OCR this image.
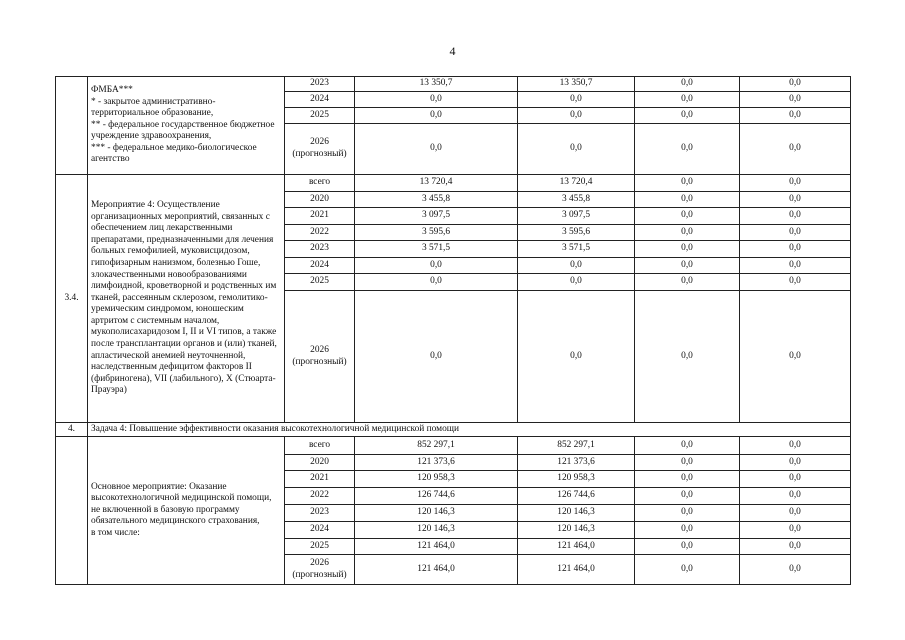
4
	ФМБА***
* - закрытое административно-территориальное образование,
** - федеральное государственное бюджетное учреждение здравоохранения,
*** - федеральное медико-биологическое агентство	2023	13 350,7	13 350,7	0,0	0,0
		2024	0,0	0,0	0,0	0,0
		2025	0,0	0,0	0,0	0,0
		2026
(прогнозный)	0,0	0,0	0,0	0,0
3.4.	Мероприятие 4: Осуществление организационных мероприятий, связанных с обеспечением лиц лекарственными препаратами, предназначенными для лечения больных гемофилией, муковисцидозом, гипофизарным нанизмом, болезнью Гоше, злокачественными новообразованиями лимфоидной, кроветворной и родственных им тканей, рассеянным склерозом, гемолитико-уремическим синдромом, юношеским артритом с системным началом, мукополисахаридозом I, II и VI типов, а также после трансплантации органов и (или) тканей, апластической анемией неуточненной, наследственным дефицитом факторов II (фибриногена), VII (лабильного), X (Стюарта-Прауэра)	всего	13 720,4	13 720,4	0,0	0,0
		2020	3 455,8	3 455,8	0,0	0,0
		2021	3 097,5	3 097,5	0,0	0,0
		2022	3 595,6	3 595,6	0,0	0,0
		2023	3 571,5	3 571,5	0,0	0,0
		2024	0,0	0,0	0,0	0,0
		2025	0,0	0,0	0,0	0,0
		2026
(прогнозный)	0,0	0,0	0,0	0,0
4.	Задача 4: Повышение эффективности оказания высокотехнологичной медицинской помощи					
	Основное мероприятие: Оказание высокотехнологичной медицинской помощи, не включенной в базовую программу обязательного медицинского страхования,
в том числе:	всего	852 297,1	852 297,1	0,0	0,0
		2020	121 373,6	121 373,6	0,0	0,0
		2021	120 958,3	120 958,3	0,0	0,0
		2022	126 744,6	126 744,6	0,0	0,0
		2023	120 146,3	120 146,3	0,0	0,0
		2024	120 146,3	120 146,3	0,0	0,0
		2025	121 464,0	121 464,0	0,0	0,0
		2026
(прогнозный)	121 464,0	121 464,0	0,0	0,0
